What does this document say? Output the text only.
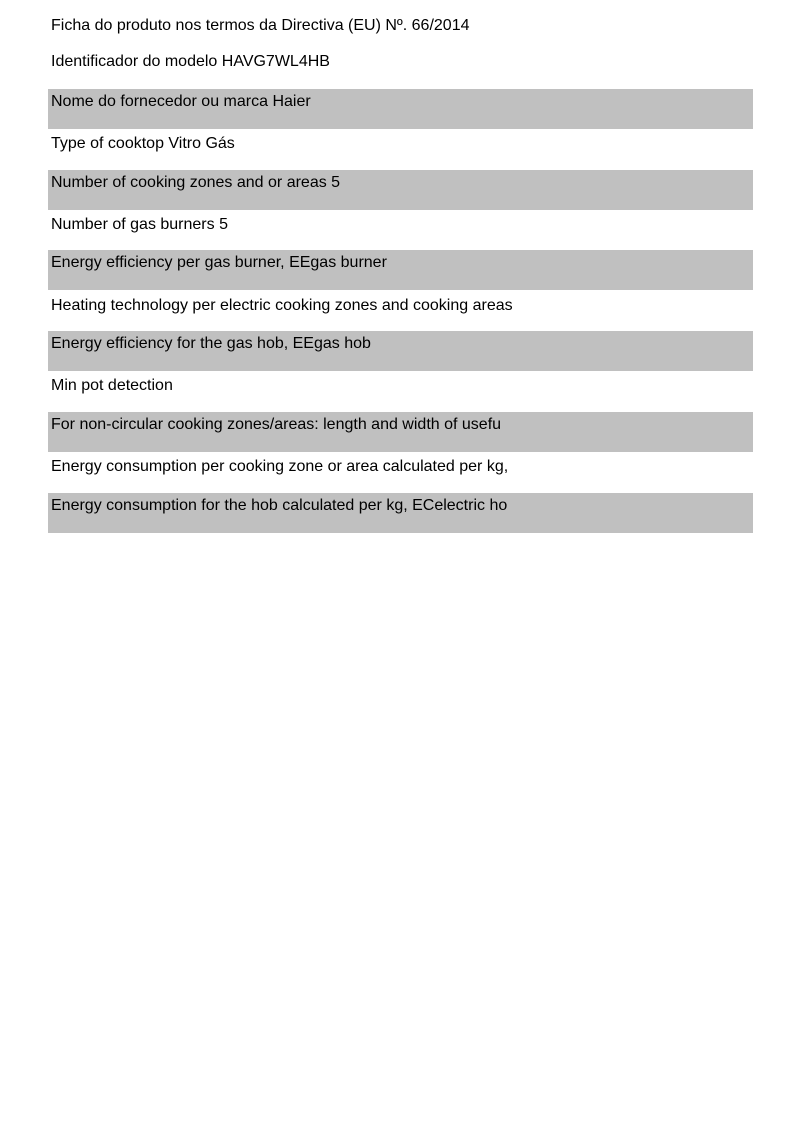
Ficha do produto nos termos da Directiva (EU) Nº. 66/2014
Identificador do modelo HAVG7WL4HB
Nome do fornecedor ou marca Haier
Type of cooktop Vitro Gás
Number of cooking zones and or areas 5
Number of gas burners 5
Energy efficiency per gas burner, EEgas burner
Heating technology per electric cooking zones and cooking areas
Energy efficiency for the gas hob, EEgas hob
Min pot detection
For non-circular cooking zones/areas: length and width of usefu
Energy consumption per cooking zone or area calculated per kg,
Energy consumption for the hob calculated per kg, ECelectric ho
